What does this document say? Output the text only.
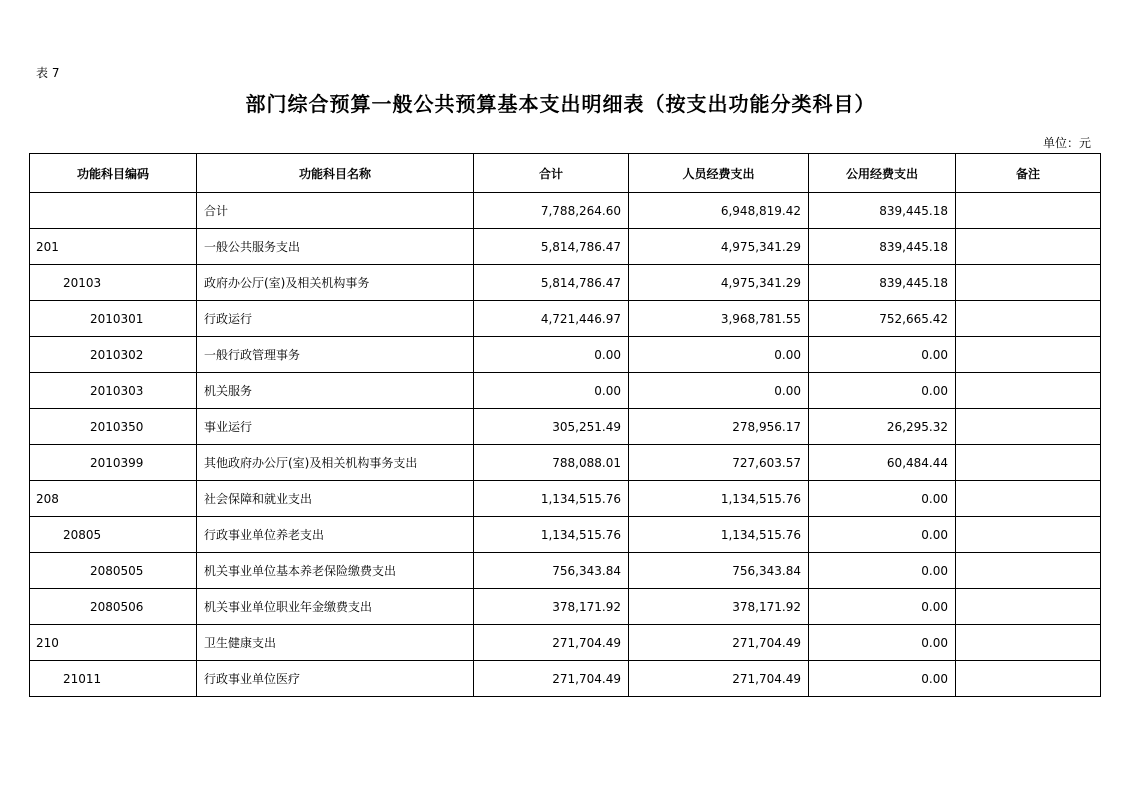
表 7
部门综合预算一般公共预算基本支出明细表（按支出功能分类科目）
单位：元
功能科目编码	功能科目名称	合计	人员经费支出	公用经费支出	备注
	合计	7,788,264.60	6,948,819.42	839,445.18	
201	一般公共服务支出	5,814,786.47	4,975,341.29	839,445.18	
20103	政府办公厅(室)及相关机构事务	5,814,786.47	4,975,341.29	839,445.18	
2010301	行政运行	4,721,446.97	3,968,781.55	752,665.42	
2010302	一般行政管理事务	0.00	0.00	0.00	
2010303	机关服务	0.00	0.00	0.00	
2010350	事业运行	305,251.49	278,956.17	26,295.32	
2010399	其他政府办公厅(室)及相关机构事务支出	788,088.01	727,603.57	60,484.44	
208	社会保障和就业支出	1,134,515.76	1,134,515.76	0.00	
20805	行政事业单位养老支出	1,134,515.76	1,134,515.76	0.00	
2080505	机关事业单位基本养老保险缴费支出	756,343.84	756,343.84	0.00	
2080506	机关事业单位职业年金缴费支出	378,171.92	378,171.92	0.00	
210	卫生健康支出	271,704.49	271,704.49	0.00	
21011	行政事业单位医疗	271,704.49	271,704.49	0.00	
